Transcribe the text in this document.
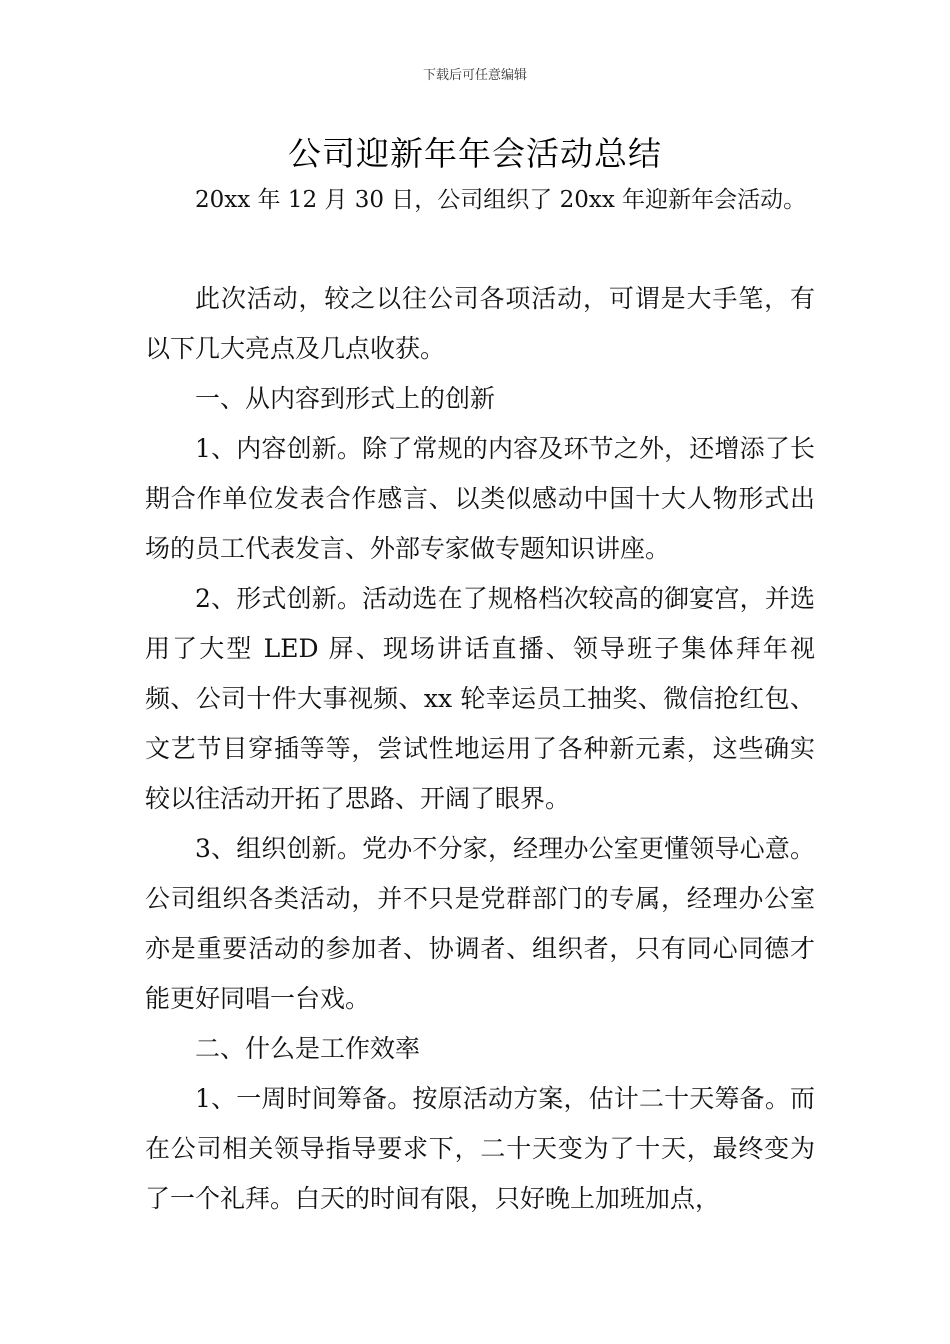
下载后可任意编辑
公司迎新年年会活动总结
20xx 年 12 月 30 日，公司组织了 20xx 年迎新年会活动。

此次活动，较之以往公司各项活动，可谓是大手笔，有以下几大亮点及几点收获。

一、从内容到形式上的创新

1、内容创新。除了常规的内容及环节之外，还增添了长期合作单位发表合作感言、以类似感动中国十大人物形式出场的员工代表发言、外部专家做专题知识讲座。

2、形式创新。活动选在了规格档次较高的御宴宫，并选用了大型 LED 屏、现场讲话直播、领导班子集体拜年视频、公司十件大事视频、xx 轮幸运员工抽奖、微信抢红包、文艺节目穿插等等，尝试性地运用了各种新元素，这些确实较以往活动开拓了思路、开阔了眼界。

3、组织创新。党办不分家，经理办公室更懂领导心意。公司组织各类活动，并不只是党群部门的专属，经理办公室亦是重要活动的参加者、协调者、组织者，只有同心同德才能更好同唱一台戏。

二、什么是工作效率

1、一周时间筹备。按原活动方案，估计二十天筹备。而在公司相关领导指导要求下，二十天变为了十天，最终变为了一个礼拜。白天的时间有限，只好晚上加班加点，
